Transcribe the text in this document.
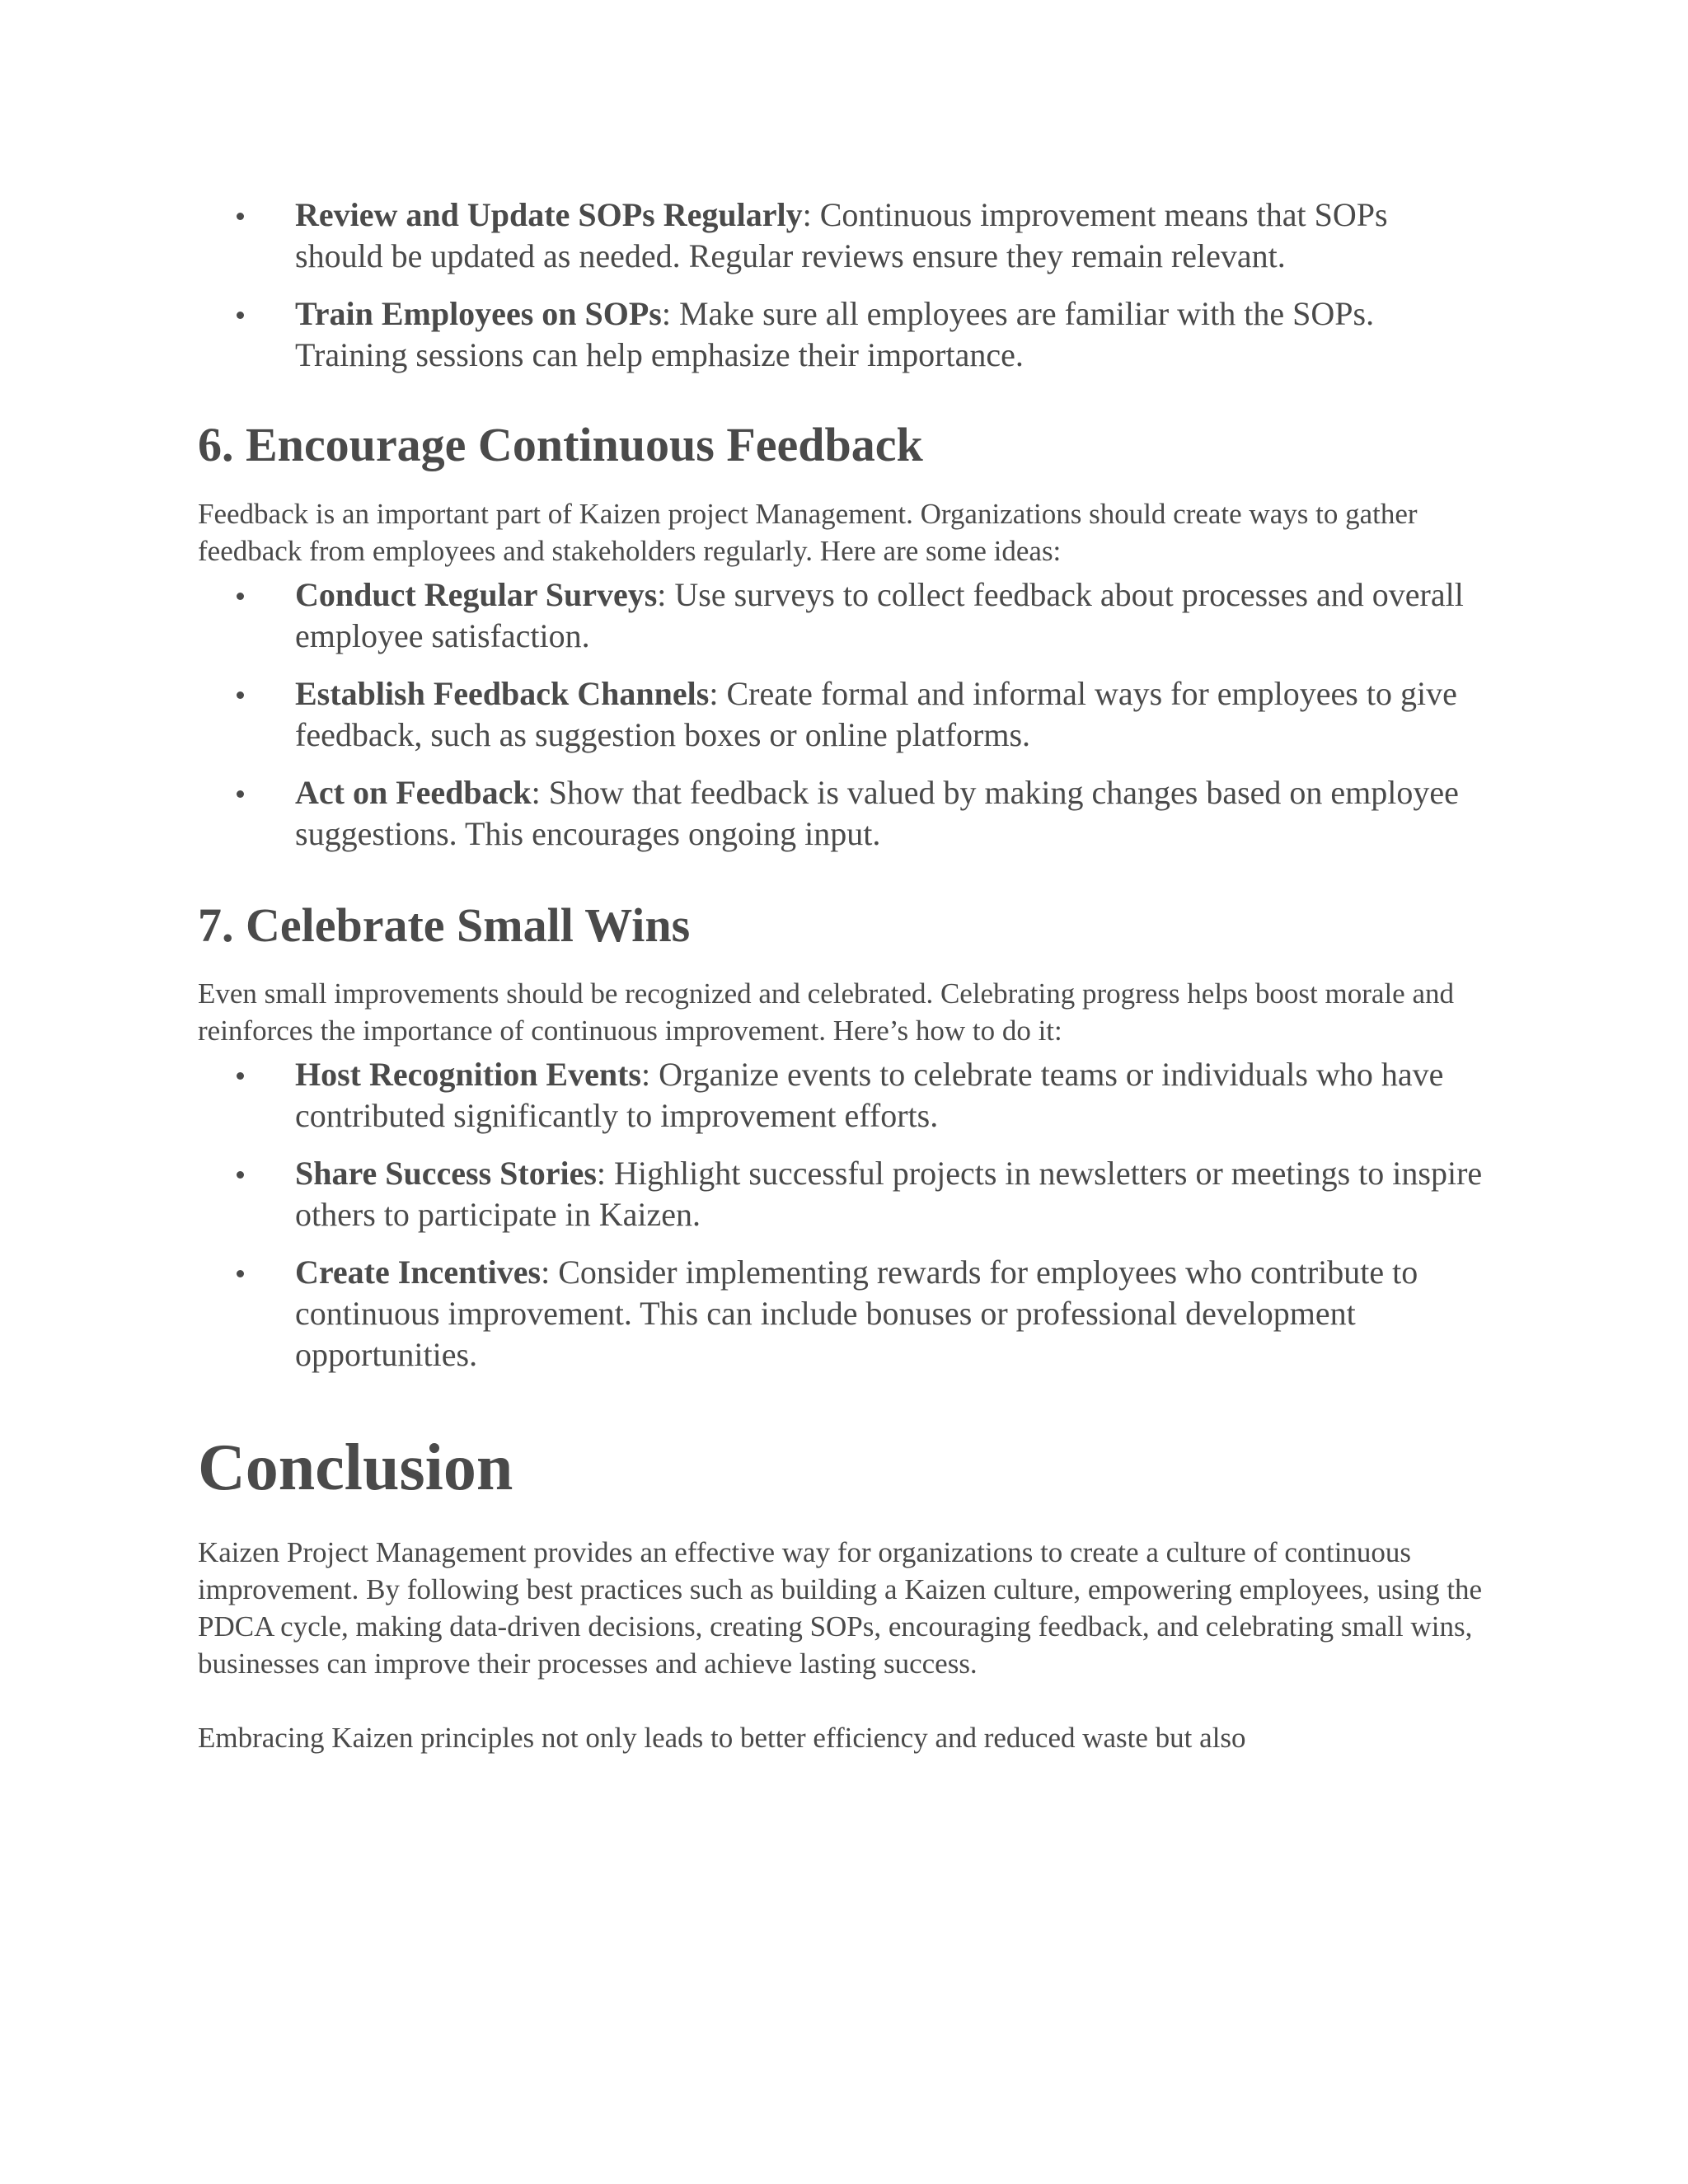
Review and Update SOPs Regularly: Continuous improvement means that SOPs should be updated as needed. Regular reviews ensure they remain relevant.
Train Employees on SOPs: Make sure all employees are familiar with the SOPs. Training sessions can help emphasize their importance.
6. Encourage Continuous Feedback

Feedback is an important part of Kaizen project Management. Organizations should create ways to gather feedback from employees and stakeholders regularly. Here are some ideas:

Conduct Regular Surveys: Use surveys to collect feedback about processes and overall employee satisfaction.
Establish Feedback Channels: Create formal and informal ways for employees to give feedback, such as suggestion boxes or online platforms.
Act on Feedback: Show that feedback is valued by making changes based on employee suggestions. This encourages ongoing input.
7. Celebrate Small Wins

Even small improvements should be recognized and celebrated. Celebrating progress helps boost morale and reinforces the importance of continuous improvement. Here’s how to do it:

Host Recognition Events: Organize events to celebrate teams or individuals who have contributed significantly to improvement efforts.
Share Success Stories: Highlight successful projects in newsletters or meetings to inspire others to participate in Kaizen.
Create Incentives: Consider implementing rewards for employees who contribute to continuous improvement. This can include bonuses or professional development opportunities.
Conclusion

Kaizen Project Management provides an effective way for organizations to create a culture of continuous improvement. By following best practices such as building a Kaizen culture, empowering employees, using the PDCA cycle, making data-driven decisions, creating SOPs, encouraging feedback, and celebrating small wins, businesses can improve their processes and achieve lasting success.

Embracing Kaizen principles not only leads to better efficiency and reduced waste but also
